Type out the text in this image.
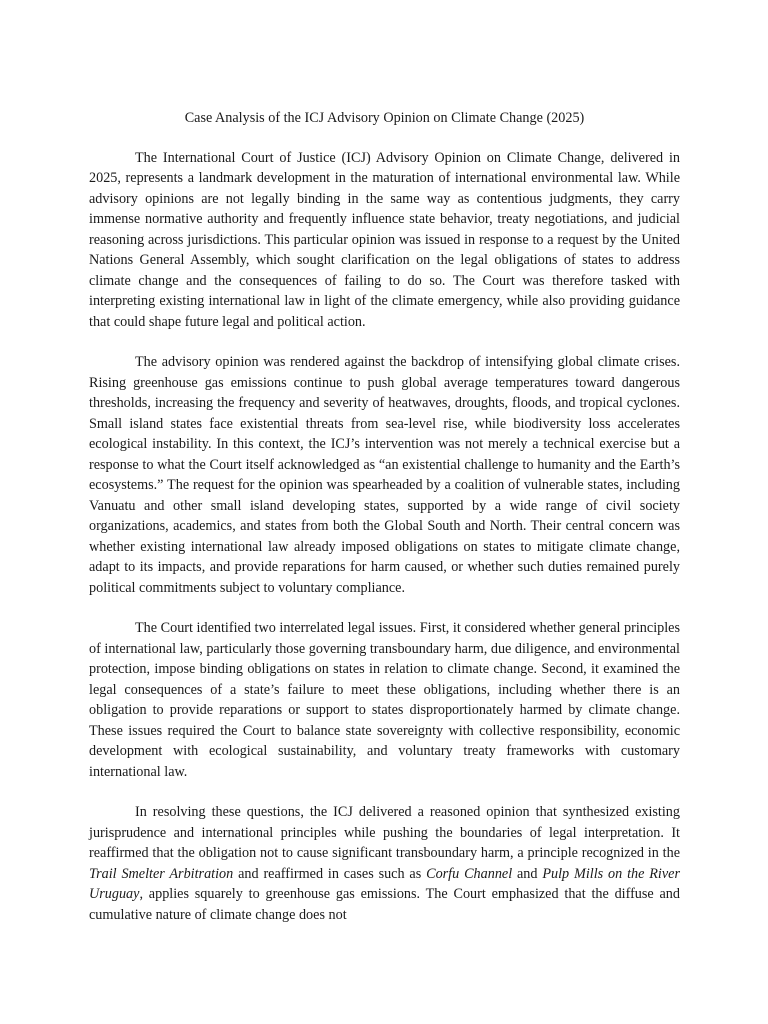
Case Analysis of the ICJ Advisory Opinion on Climate Change (2025)

The International Court of Justice (ICJ) Advisory Opinion on Climate Change, delivered in 2025, represents a landmark development in the maturation of international environmental law. While advisory opinions are not legally binding in the same way as contentious judgments, they carry immense normative authority and frequently influence state behavior, treaty negotiations, and judicial reasoning across jurisdictions. This particular opinion was issued in response to a request by the United Nations General Assembly, which sought clarification on the legal obligations of states to address climate change and the consequences of failing to do so. The Court was therefore tasked with interpreting existing international law in light of the climate emergency, while also providing guidance that could shape future legal and political action.

The advisory opinion was rendered against the backdrop of intensifying global climate crises. Rising greenhouse gas emissions continue to push global average temperatures toward dangerous thresholds, increasing the frequency and severity of heatwaves, droughts, floods, and tropical cyclones. Small island states face existential threats from sea-level rise, while biodiversity loss accelerates ecological instability. In this context, the ICJ’s intervention was not merely a technical exercise but a response to what the Court itself acknowledged as “an existential challenge to humanity and the Earth’s ecosystems.” The request for the opinion was spearheaded by a coalition of vulnerable states, including Vanuatu and other small island developing states, supported by a wide range of civil society organizations, academics, and states from both the Global South and North. Their central concern was whether existing international law already imposed obligations on states to mitigate climate change, adapt to its impacts, and provide reparations for harm caused, or whether such duties remained purely political commitments subject to voluntary compliance.

The Court identified two interrelated legal issues. First, it considered whether general principles of international law, particularly those governing transboundary harm, due diligence, and environmental protection, impose binding obligations on states in relation to climate change. Second, it examined the legal consequences of a state’s failure to meet these obligations, including whether there is an obligation to provide reparations or support to states disproportionately harmed by climate change. These issues required the Court to balance state sovereignty with collective responsibility, economic development with ecological sustainability, and voluntary treaty frameworks with customary international law.

In resolving these questions, the ICJ delivered a reasoned opinion that synthesized existing jurisprudence and international principles while pushing the boundaries of legal interpretation. It reaffirmed that the obligation not to cause significant transboundary harm, a principle recognized in the Trail Smelter Arbitration and reaffirmed in cases such as Corfu Channel and Pulp Mills on the River Uruguay, applies squarely to greenhouse gas emissions. The Court emphasized that the diffuse and cumulative nature of climate change does not
